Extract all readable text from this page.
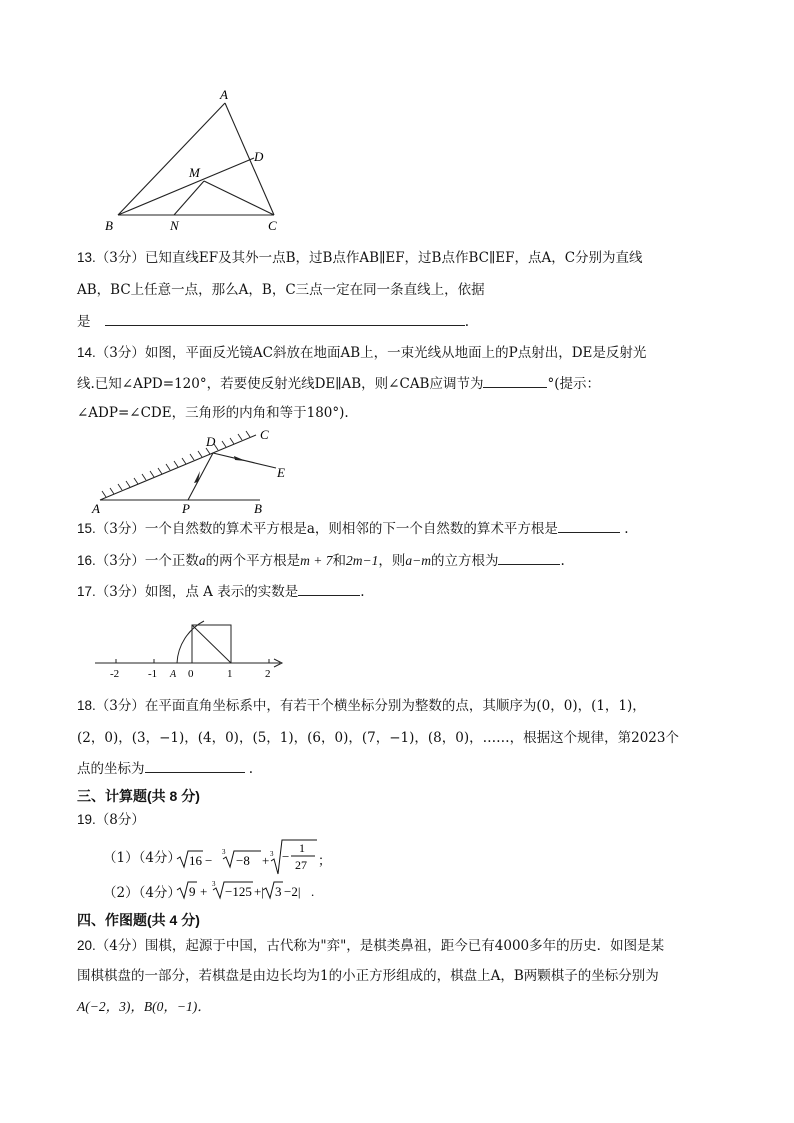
A
D
M
B	N	C
13.（3分）已知直线EF及其外一点B，过B点作AB∥EF，过B点作BC∥EF，点A，C分别为直线
AB，BC上任意一点，那么A，B，C三点一定在同一条直线上，依据
是	.
14.（3分）如图，平面反光镜AC斜放在地面AB上，一束光线从地面上的P点射出，DE是反射光
线.已知∠APD=120°，若要使反射光线DE∥AB，则∠CAB应调节为	°(提示：
∠ADP=∠CDE，三角形的内角和等于180°).
D	C
E
A	P	B
15.（3分）一个自然数的算术平方根是a，则相邻的下一个自然数的算术平方根是	.
16.（3分）一个正数a的两个平方根是m + 7和2m−1，则a−m的立方根为	.
17.（3分）如图，点 A 表示的实数是	.
-2	-1 A 0	1	2
18.（3分）在平面直角坐标系中，有若干个横坐标分别为整数的点，其顺序为(0，0)，(1，1)，
(2，0)，(3，−1)，(4，0)，(5，1)，(6，0)，(7，−1)，(8，0)，……，根据这个规律，第2023个
点的坐标为	.
三、计算题(共 8 分)
19.（8分）
（1）（4分） 16 −
3
−8 + 3 −
1
27 ；
（2）（4分） 9 + 3 −125 +| 3 −2| .
四、作图题(共 4 分)
20.（4分）围棋，起源于中国，古代称为"弈"，是棋类鼻祖，距今已有4000多年的历史．如图是某
围棋棋盘的一部分，若棋盘是由边长均为1的小正方形组成的，棋盘上A，B两颗棋子的坐标分别为
A(−2，3)，B(0，−1)．
